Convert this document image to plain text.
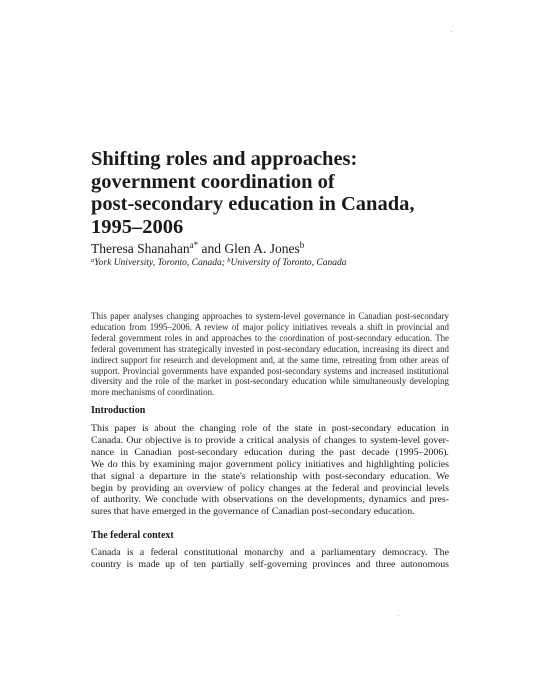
·
Shifting roles and approaches:
government coordination of
post-secondary education in Canada,
1995–2006
Theresa Shanahan$^{a*}$ and Glen A. Jones$^b$
$^a$York University, Toronto, Canada; $^b$University of Toronto, Canada
This paper analyses changing approaches to system-level governance in Canadian post-secondary
education from 1995–2006. A review of major policy initiatives reveals a shift in provincial and
federal government roles in and approaches to the coordination of post-secondary education. The
federal government has strategically invested in post-secondary education, increasing its direct and
indirect support for research and development and, at the same time, retreating from other areas of
support. Provincial governments have expanded post-secondary systems and increased institutional
diversity and the role of the market in post-secondary education while simultaneously developing
more mechanisms of coordination.
Introduction
This paper is about the changing role of the state in post-secondary education in
Canada. Our objective is to provide a critical analysis of changes to system-level gover-
nance in Canadian post-secondary education during the past decade (1995–2006).
We do this by examining major government policy initiatives and highlighting policies
that signal a departure in the state's relationship with post-secondary education. We
begin by providing an overview of policy changes at the federal and provincial levels
of authority. We conclude with observations on the developments, dynamics and pres-
sures that have emerged in the governance of Canadian post-secondary education.
The federal context
Canada is a federal constitutional monarchy and a parliamentary democracy. The
country is made up of ten partially self-governing provinces and three autonomous
·
